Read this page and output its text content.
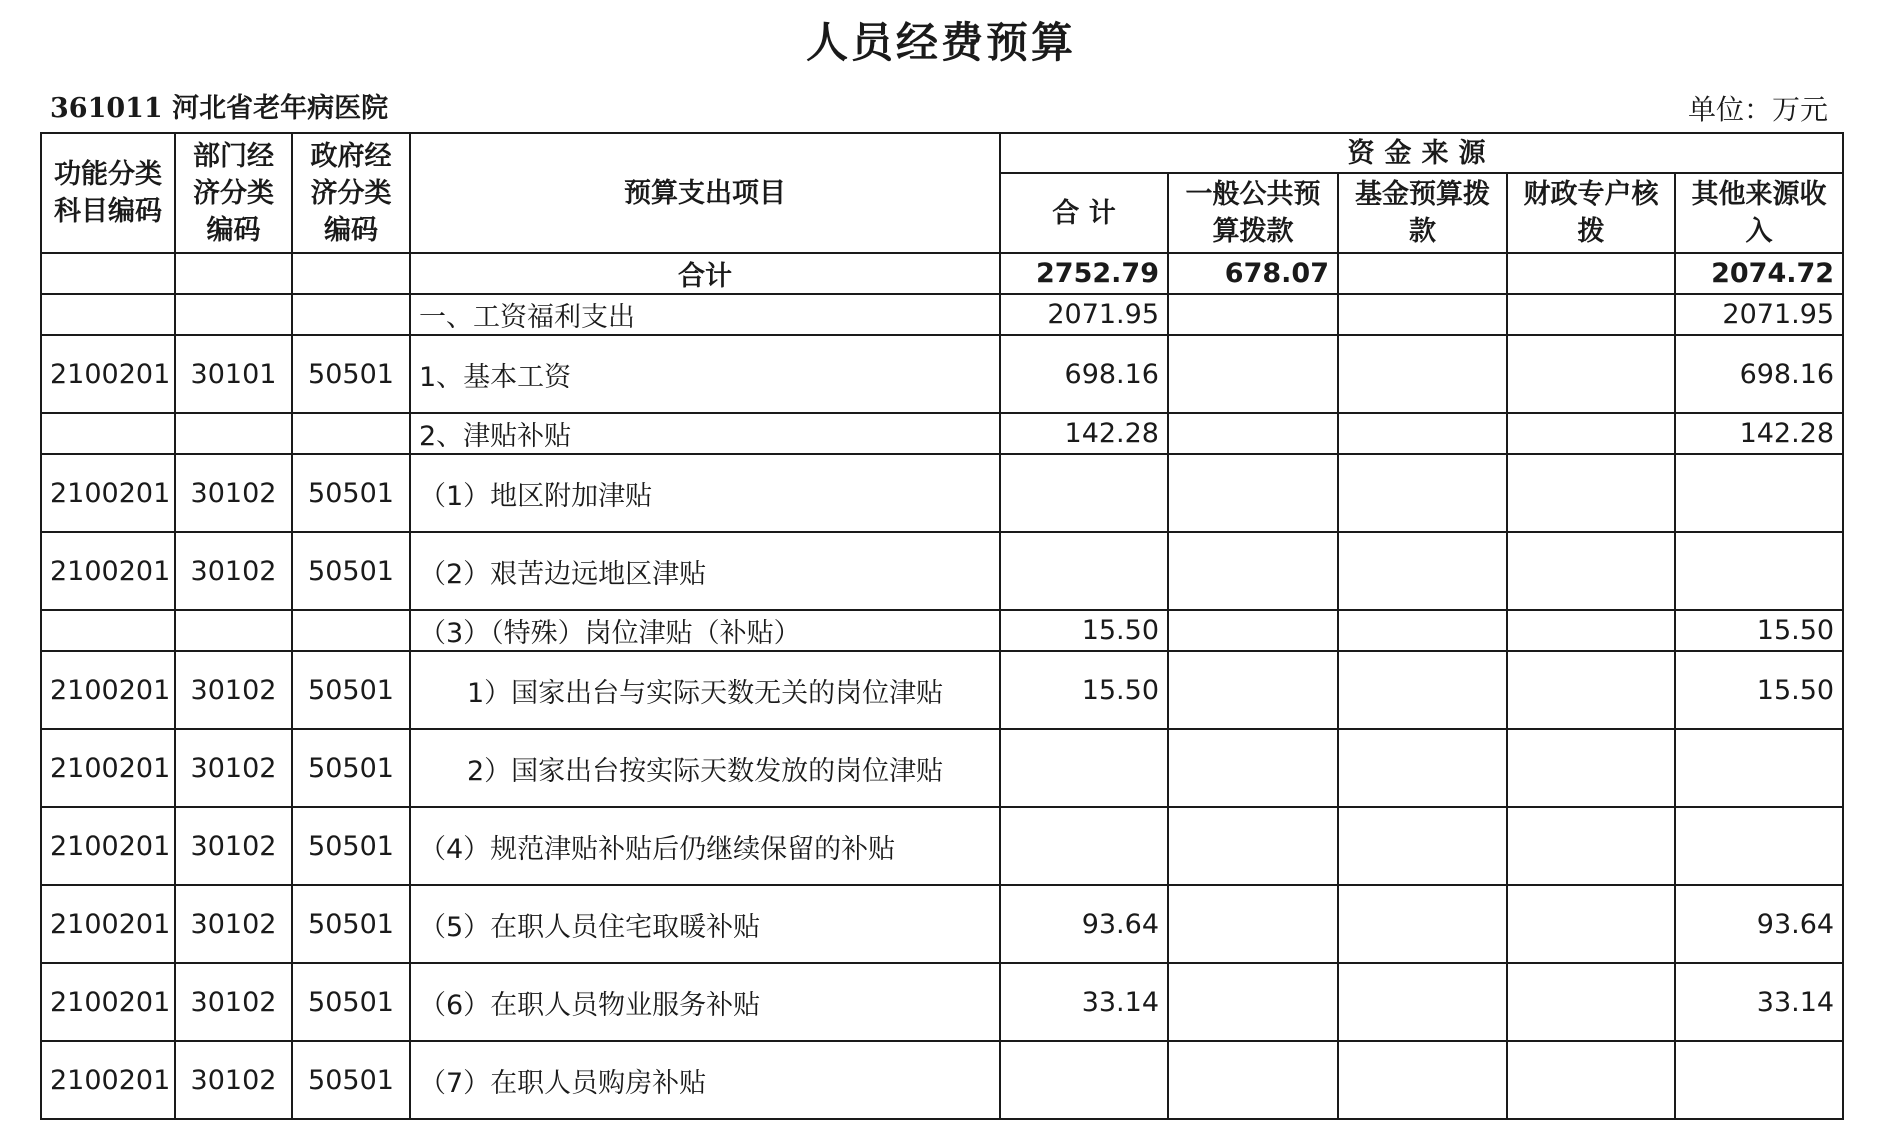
人员经费预算
361011 河北省老年病医院	单位：万元
功能分类科目编码	部门经济分类编码	政府经济分类编码	预算支出项目	资金来源				
				合 计	一般公共预算拨款	基金预算拨款	财政专户核拨	其他来源收入
			合计	2752.79	678.07			2074.72
			一、工资福利支出	2071.95				2071.95
2100201	30101	50501	1、基本工资	698.16				698.16
			2、津贴补贴	142.28				142.28
2100201	30102	50501	（1）地区附加津贴					
2100201	30102	50501	（2）艰苦边远地区津贴					
			（3）（特殊）岗位津贴（补贴）	15.50				15.50
2100201	30102	50501	1）国家出台与实际天数无关的岗位津贴	15.50				15.50
2100201	30102	50501	2）国家出台按实际天数发放的岗位津贴					
2100201	30102	50501	（4）规范津贴补贴后仍继续保留的补贴					
2100201	30102	50501	（5）在职人员住宅取暖补贴	93.64				93.64
2100201	30102	50501	（6）在职人员物业服务补贴	33.14				33.14
2100201	30102	50501	（7）在职人员购房补贴					
